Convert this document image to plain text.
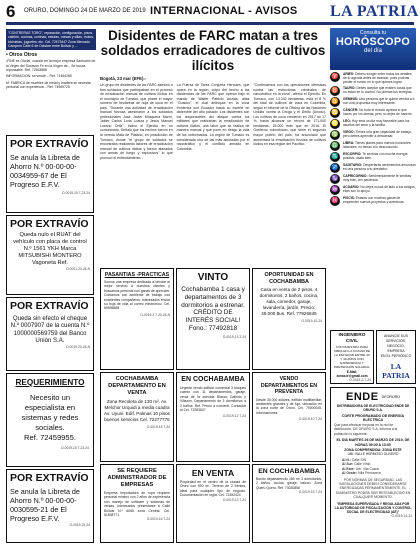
6 ORURO, DOMINGO 24 DE MARZO DE 2019 INTERNACIONAL - AVISOS LA PATRIA
"CONTRERAS TORO", reparación, configuración, pisos, calefón, cocinas, cortinas, estufas, mesas y sillas, motos, bicicletas, juguetes, etc. Cel. 72473447 Zona Mercado Campero Calle 6 de Octubre entre Bolívar y ...
• Otros Otros
¡FINE es Gloria!, cuando en la mejor empresa Santuario de la Virgen del Socavón Fe en la Virgen de... Se busca reponsable. Ref. 72463886
INFORMACION: se vende... Ref. 71464285
M: FABRICA de muebles de metal y madera se necesita personal con experiencia... Ref. 74969725
POR EXTRAVÍO
Se anula la Libreta de Ahorro N.º 00-00-00-0034959-67 de El Progreso E.F.V.
O-0019-15 7-23-24
POR EXTRAVÍO
Queda nulo el RUAT del vehículo con placa de control N.º 1561 YKH Marca MITSUBISHI MONTERO Vagoneta Ref.
O-0001-23-24-N
POR EXTRAVÍO
Queda sin efecto el cheque N.º 0007907 de la cuenta N.º 1000000569759 del Banco Unión S.A.
O-0019-23-24-N
REQUERIMIENTO
Necesito un especialista en sistemas y redes sociales.
Ref. 72459955.
O-0019-15 7-23-24
POR EXTRAVÍO
Se anula la Libreta de Ahorro N.º 00-00-00-0030595-21 de El Progreso E.F.V.
O-0019-23-24
Disidentes de FARC matan a tres soldados erradicadores de cultivos ilícitos
Bogotá, 23 mar (EFE).-
Un grupo de disidentes de las FARC asesinó a tres soldados que participaban en el proceso de erradicación manual de cultivos ilícitos en el municipio de Tumaco, que posee el mayor número de hectáreas de hoja de coca en el país. "Durante una actividad de erradicación manual forzosa asesinaron a los soldados profesionales José Javier Mosquera Marín, Jaider Carlos Luna Loaiza y Jesús Manuel Lozano Ortiz", indicó el Ejército en un comunicado. Señaló que los hechos fueron en la vereda Mata de Plátano, en jurisdicción de Tumaco, donde "el grupo de soldados se encontraba realizando labores de erradicación manual de cultivos ilícitos y fueron atacados con armas de fuego y explosivos" lo que provocó el enfrentamiento.
La Fuerza de Tarea Conjunta Hércules, que opera en la región, culpó del hecho a las disidencias de las FARC que operan bajo el mando de Walter Patricio Arizala, alias "Guacho", el cual delinquía en la zona fronteriza con Ecuador hasta su muerte en diciembre del año pasado. Los disidentes son los responsables del ataque contra los militares que realizaban la erradicación de cultivos ilícitos, una labor que se realiza de manera manual y que pone en riesgo la vida de los uniformados. La región de Tumaco es considerada una de las más afectadas por el narcotráfico y el conflicto armado en Colombia.
"Continuamos con las operaciones ofensivas contra las estructuras criminales de narcotráfico en la zona", afirmó el Ejército. En Tumaco, con 13.342 hectáreas, está el 8 % del total de cultivos de coca en Colombia, según el Informe de la Oficina de las Naciones Unidas contra la Droga y el Delito (Unodc). Los cultivos de coca crecieron en 2017 un 17 %, hasta alcanzar un récord de 171.000 hectáreas, 25.000 más que en 2016. El Gobierno colombiano, que tiene el segundo mayor puerto del país, ha anunciado que aumentará la erradicación forzosa de cultivos ilícitos en esa región del Pacífico.
PASANTIAS -PRACTICAS
Somos una empresa dedicada a brindar el mejor servicio a nuestros clientes y buscamos personal con ganas de aprender. Contamos con ambiente de trabajo con excelentes compañeros. Interesados enviar su hoja de vida al correo electrónico. Cel. 69595888
O-0019-2 7-23-24-N
VINTO
Cochabamba 1 casa y departamentos de 3 dormitorios a estrenar. CRÉDITO DE INTERÉS SOCIAL! Fono.: 77492818
O-0019-13 2-24
OPORTUNIDAD EN COCHABAMBA
Casa en venta de 2 pisos, 4 dormitorios, 2 baños, cocina, sala, comedor, garaje, lavandería, jardín. Precio: 45.000 $us. Ref. 77926845
O-0019-10-24
COCHABAMBA DEPARTAMENTO EN VENTA
Zona Recoleta de 130 m². Av. Melchor Urquidi a media cuadra Av. Uyuni. Edif. Palmas 10 pisos buenos servicios Cel. 72277776
O-0019-15 7-24
EN COCHABAMBA
Urgente vendo edificio comercial 3 bloques cuento con 11 departamentos, garaje, cerca de la avenida Blanco Galindo y Villazón. Departamento de 3 dormitorios a 2 baños. Ref. Precio a convenir. Contactar al Cel. 72283847
O-0019-12 7-24
VENDO DEPARTAMENTOS EN PREVENTA
Desde 30.000 dólares, edificio multifamiliar, ambientes grandes y de lujo, ubicación en la zona norte de Oruro. Cel. 70000045. Informaciones.
O-0019-10 7-24
SE REQUIERE ADMINISTRADOR DE EMPRESAS
Empresa importadora de ropa requiere personal mínimo con 2 años de experiencia con manejo de software y sistemas de ventas. Interesados presentarse a Calle Bolívar N.º 6066 zona Central. Cel. 61838771
O-0019-16 7-24
EN VENTA
Propiedad en el centro de la ciudad de Oruro con 900 m². Terreno de 2 frentes, ideal para cualquier tipo de negocio. Documentación en regla. Cel. 72452424
O-0019-13 7-24
EN COCHABAMBA
Bonito departamento 180 m² 3 dormitorios, 2 baños, cocina, garaje, balcón. Zona Queru Queru. Ref. 73030856
O-0019-15 7-24
Consulta tu
HORÓSCOPO
del día
♈	ARIES: Debes recoger entre todos los detalles de tu agenda antes de avanzar, pues podrías perder el rumbo en lo que quieres lograr.
♉	TAURO: Debes aceptar que existen cosas que no están en tu control. No pierdas tus energías.
♊	GÉMINIS: Una persona que te quiere vendrá a ti con una propuesta muy interesante.
♋	CÁNCER: No todo el mundo aprecia lo que haces por los demás, pero no dejes de hacerlo.
♌	LEO: Hoy será un día muy favorable para los asuntos del amor y la familia.
♍	VIRGO: Tienes una gran capacidad de trabajo, pero debes aprender a descansar.
♎	LIBRA: Tienes planes para nuevos horizontes laborales, no temas a lo desconocido.
♏	ESCORPIO: Te sentirás con mucha energía positiva, úsala bien.
♐	SAGITARIO: Despertarás sentimientos amorosos en una persona a tu alrededor.
♑	CAPRICORNIO: Sentimentalmente te sentirás muy bien, ten paciencia.
♒	ACUARIO: No dejes nunca de lado a tus amigos, ellos son tu apoyo.
♓	PISCIS: Estarás con muchas ganas de emprender nuevos proyectos y aventuras.
INGENIERO CIVIL
CON MAESTRÍA PARA OBRA EN LA CIUDAD DE LA PAZ EDAD ENTRE 30 Y 40 AÑOS CON EXPERIENCIA Y PRETENSIÓN SALARIAL
E-Mail: zonas.tr@gmail.com
O-0019-2-7-24
ANUNCIE SUS SERVICIOS,
NEGOCIO, EMPRESA
EN EL PERIÓDICO
LA PATRIA
ENDE DEORURO
DISTRIBUIDORA DE ELECTRICIDAD ENDE DE ORURO S.A.
CORTE PROGRAMADO DE ENERGÍA ELÉCTRICA
Que para efectuar mejoras en la red de distribución, DE ORURO S.A. informa a la población lo siguiente:
EL DÍA MARTES 26 DE MARZO DE 2019, DE HORAS 09:00 A 13:00
ZONA COMPRENDIDA: ZONA ESTE
UBI: VALLE HERMOSO OLIVERO
Al N.: Calle S/N
Al Sur: Calle Vinto
Al Este: Urb. Vila Cusuri
Al Oeste: Villa Primavera
POR NORMAS DE SEGURIDAD, LAS INSTALACIONES DEBEN CONSIDERARSE ENERGIZADAS PERMANENTEMENTE. EL SUMINISTRO PODRÁ SER RESTABLECIDO EN CUALQUIER MOMENTO.
"EMPRESA SUPERVISADA Y REGULADA POR LA AUTORIDAD DE FISCALIZACIÓN Y CONTROL SOCIAL DE ELECTRICIDAD (AE)"
O-0019-14-24
